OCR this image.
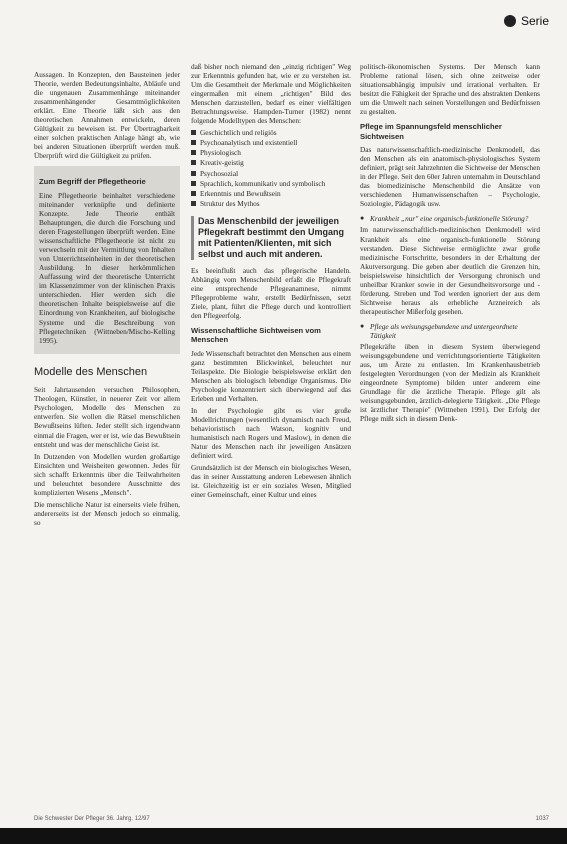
Serie

Aussagen. In Konzepten, den Bausteinen jeder Theorie, werden Bedeutungsinhalte, Abläufe und die ungenauen Zusammenhänge miteinander zusammenhängender Gesamtmöglichkeiten erklärt. Eine Theorie läßt sich aus den theoretischen Annahmen entwickeln, deren Gültigkeit zu beweisen ist. Per Übertragbarkeit einer solchen praktischen Anlage hängt ab, wie bei anderen Situationen überprüft werden muß. Überprüft wird die Gültigkeit zu prüfen.

Zum Begriff der Pflegetheorie

Eine Pflegetheorie beinhaltet verschiedene miteinander verknüpfte und definierte Konzepte. Jede Theorie enthält Behauptungen, die durch die Forschung und deren Fragestellungen überprüft werden. Eine wissenschaftliche Pflegetheorie ist nicht zu verwechseln mit der Vermittlung von Inhalten von Unterrichtseinheiten in der theoretischen Ausbildung. In dieser herkömmlichen Auffassung wird der theoretische Unterricht im Klassenzimmer von der klinischen Praxis unterschieden. Hier werden sich die theoretischen Inhalte beispielsweise auf die Einordnung von Krankheiten, auf biologische Systeme und die Beschreibung von Pflegetechniken (Wittneben/Mischo-Kelling 1995).

Modelle des Menschen

Seit Jahrtausenden versuchen Philosophen, Theologen, Künstler, in neuerer Zeit vor allem Psychologen, Modelle des Menschen zu entwerfen. Sie wollen die Rätsel menschlichen Bewußtseins lüften. Jeder stellt sich irgendwann einmal die Fragen, wer er ist, wie das Bewußtsein entsteht und was der menschliche Geist ist.

In Dutzenden von Modellen wurden großartige Einsichten und Weisheiten gewonnen. Jedes für sich schafft Erkenntnis über die Teilwahrheiten und beleuchtet besondere Ausschnitte des komplizierten Wesens „Mensch".

Die menschliche Natur ist einerseits viele frühen, andererseits ist der Mensch jedoch so einmalig, so

daß bisher noch niemand den „einzig richtigen" Weg zur Erkenntnis gefunden hat, wie er zu verstehen ist. Um die Gesamtheit der Merkmale und Möglichkeiten eingermaßen mit einem „richtigen" Bild des Menschen darzustellen, bedarf es einer vielfältigen Betrachtungsweise. Hampden-Turner (1982) nennt folgende Modelltypen des Menschen:

Geschichtlich und religiös
Psychoanalytisch und existentiell
Physiologisch
Kreativ-geistig
Psychosozial
Sprachlich, kommunikativ und symbolisch
Erkenntnis und Bewußtsein
Struktur des Mythos
Das Menschenbild der jeweiligen Pflegekraft bestimmt den Umgang mit Patienten/Klienten, mit sich selbst und auch mit anderen.

Es beeinflußt auch das pflegerische Handeln. Abhängig vom Menschenbild erfaßt die Pflegekraft eine entsprechende Pflegeanamnese, nimmt Pflegeprobleme wahr, erstellt Bedürfnissen, setzt Ziele, plant, führt die Pflege durch und kontrolliert den Pflegeerfolg.

Wissenschaftliche Sichtweisen vom Menschen

Jede Wissenschaft betrachtet den Menschen aus einem ganz bestimmten Blickwinkel, beleuchtet nur Teilaspekte. Die Biologie beispielsweise erklärt den Menschen als biologisch lebendige Organismus. Die Psychologie konzentriert sich überwiegend auf das Erleben und Verhalten.

In der Psychologie gibt es vier große Modellrichtungen (wesentlich dynamisch nach Freud, behavioristisch nach Watson, kognitiv und humanistisch nach Rogers und Maslow), in denen die Natur des Menschen nach ihr jeweiligen Ansätzen definiert wird.

Grundsätzlich ist der Mensch ein biologisches Wesen, das in seiner Ausstattung anderen Lebewesen ähnlich ist. Gleichzeitig ist er ein soziales Wesen, Mitglied einer Gemeinschaft, einer Kultur und eines

politisch-ökonomischen Systems. Der Mensch kann Probleme rational lösen, sich ohne zeitweise oder situationsabhängig impulsiv und irrational verhalten. Er besitzt die Fähigkeit der Sprache und des abstrakten Denkens um die Umwelt nach seinen Vorstellungen und Bedürfnissen zu gestalten.

Pflege im Spannungsfeld menschlicher Sichtweisen

Das naturwissenschaftlich-medizinische Denkmodell, das den Menschen als ein anatomisch-physiologisches System definiert, prägt seit Jahrzehnten die Sichtweise der Menschen in der Pflege. Seit den 60er Jahren unternahm in Deutschland das biomedizinische Menschenbild die Ansätze von verschiedenen Humanwissenschaften – Psychologie, Soziologie, Pädagogik usw.

● Krankheit „nur" eine organisch-funktionelle Störung?

Im naturwissenschaftlich-medizinischen Denkmodell wird Krankheit als eine organisch-funktionelle Störung verstanden. Diese Sichtweise ermöglichte zwar große medizinische Fortschritte, besonders in der Erhaltung der Akutversorgung. Die geben aber deutlich die Grenzen hin, beispielsweise hinsichtlich der Versorgung chronisch und unheilbar Kranker sowie in der Gesundheitsvorsorge und -förderung. Streben und Tod werden ignoriert der aus dem Sichtweise heraus als erhebliche Arzneireich als therapeutischer Mißerfolg gesehen.

● Pflege als weisungsgebundene und untergeordnete Tätigkeit

Pflegekräfte üben in diesem System überwiegend weisungsgebundene und verrichtungsorientierte Tätigkeiten aus, um Ärzte zu entlasten. Im Krankenhausbetrieb festgelegten Verordnungen (von der Medizin als Krankheit eingeordnete Symptome) bilden unter anderem eine Grundlage für die ärztliche Therapie. Pflege gilt als weisungsgebunden, ärztlich-delegierte Tätigkeit. „Die Pflege ist ärztlicher Therapie" (Wittneben 1991). Der Erfolg der Pflege mißt sich in diesem Denk-

Die Schwester Der Pfleger 36. Jahrg. 12/97	1037
